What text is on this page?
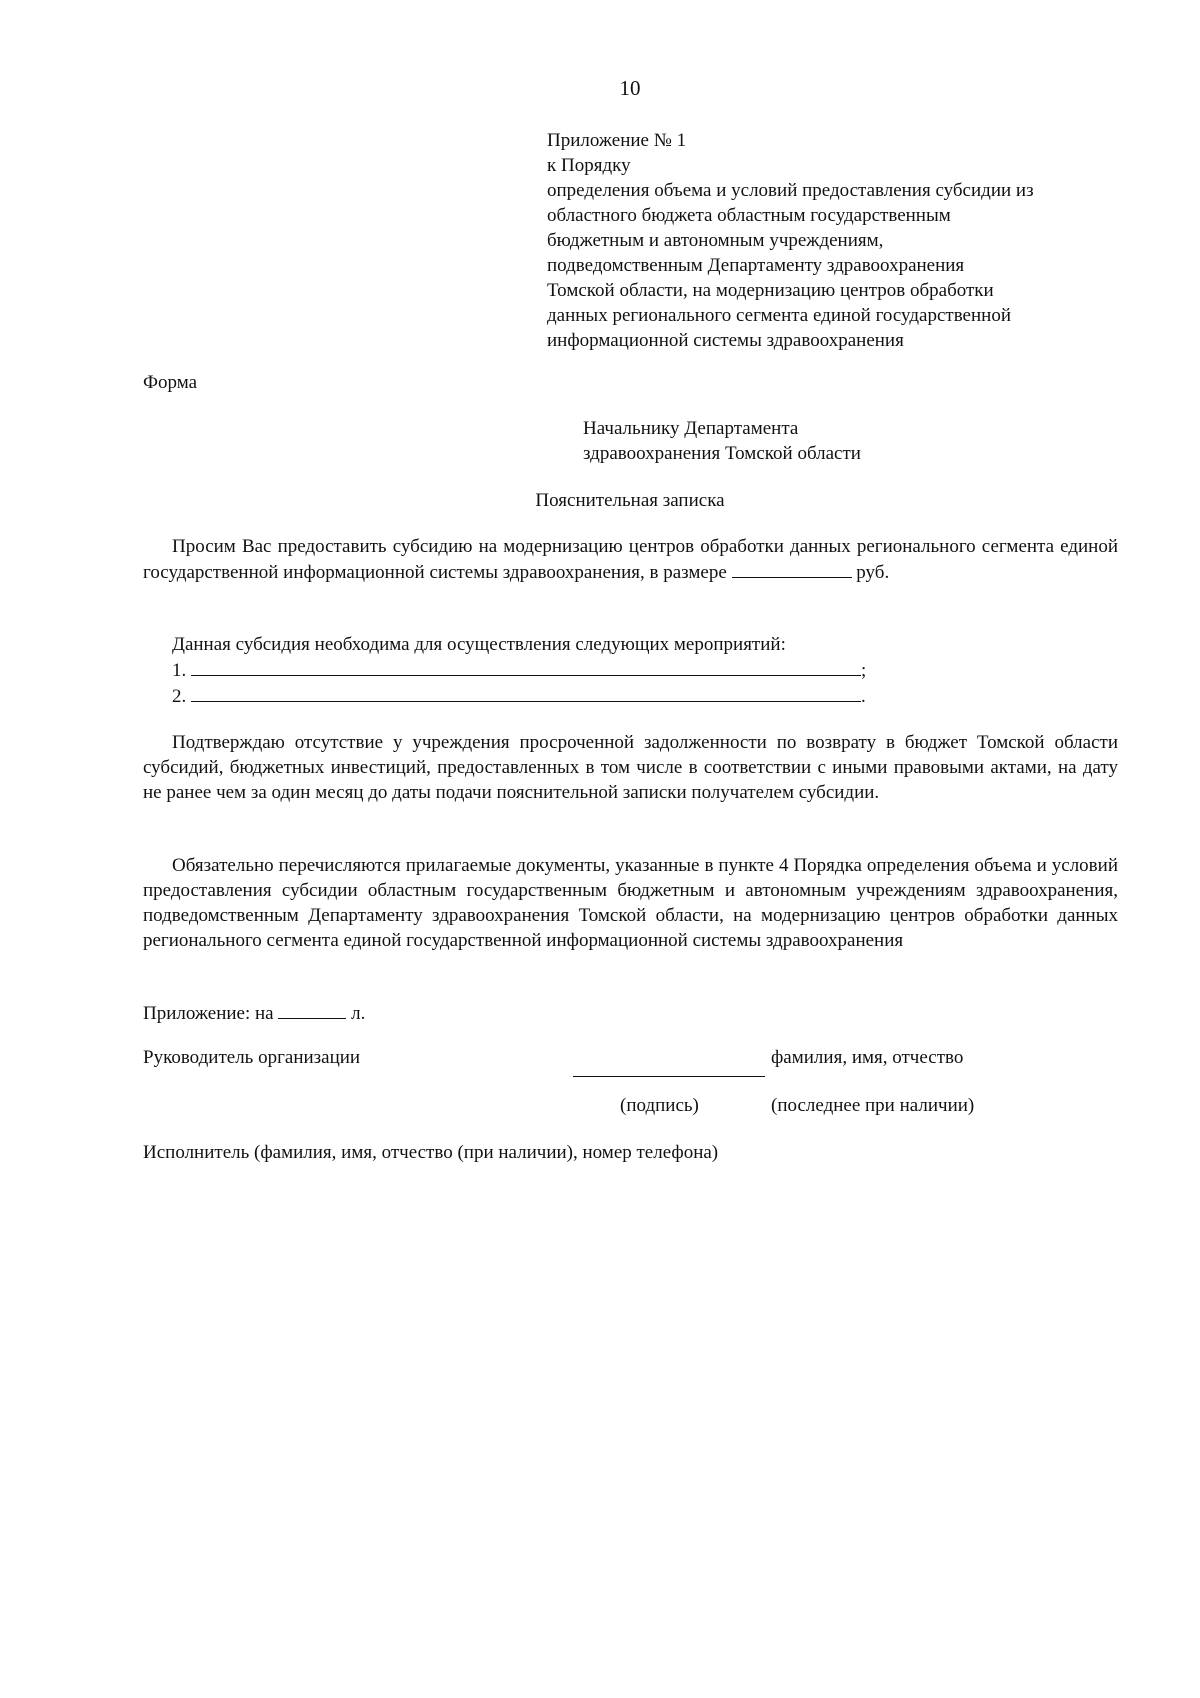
10
Приложение № 1
к Порядку
определения объема и условий предоставления субсидии из
областного бюджета областным государственным
бюджетным и автономным учреждениям,
подведомственным Департаменту здравоохранения
Томской области, на модернизацию центров обработки
данных регионального сегмента единой государственной
информационной системы здравоохранения
Форма
Начальнику Департамента
здравоохранения Томской области
Пояснительная записка
Просим Вас предоставить субсидию на модернизацию центров обработки данных регионального сегмента единой государственной информационной системы здравоохранения, в размере	руб.
Данная субсидия необходима для осуществления следующих мероприятий:
1.	;
2.	.
Подтверждаю отсутствие у учреждения просроченной задолженности по возврату в бюджет Томской области субсидий, бюджетных инвестиций, предоставленных в том числе в соответствии с иными правовыми актами, на дату не ранее чем за один месяц до даты подачи пояснительной записки получателем субсидии.
Обязательно перечисляются прилагаемые документы, указанные в пункте 4 Порядка определения объема и условий предоставления субсидии областным государственным бюджетным и автономным учреждениям здравоохранения, подведомственным Департаменту здравоохранения Томской области, на модернизацию центров обработки данных регионального сегмента единой государственной информационной системы здравоохранения
Приложение: на	л.
Руководитель организации	фамилия, имя, отчество
(подпись)	(последнее при наличии)
Исполнитель (фамилия, имя, отчество (при наличии), номер телефона)
